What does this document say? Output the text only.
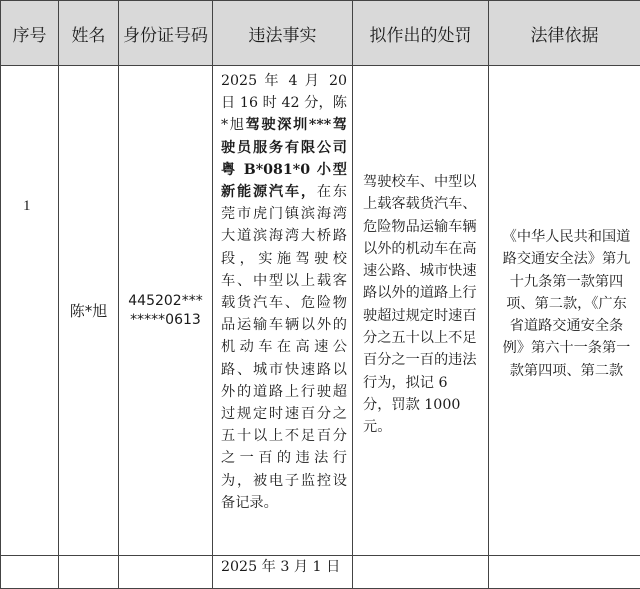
序号	姓名	身份证号码	违法事实	拟作出的处罚	法律依据
1	陈*旭	445202********0613	2025 年 4 月 20 日 16 时 42 分，陈*旭驾驶深圳***驾驶员服务有限公司粤 B*081*0 小型新能源汽车，在东莞市虎门镇滨海湾大道滨海湾大桥路段，实施驾驶校车、中型以上载客载货汽车、危险物品运输车辆以外的机动车在高速公路、城市快速路以外的道路上行驶超过规定时速百分之五十以上不足百分之一百的违法行为，被电子监控设备记录。	驾驶校车、中型以上载客载货汽车、危险物品运输车辆以外的机动车在高速公路、城市快速路以外的道路上行驶超过规定时速百分之五十以上不足百分之一百的违法行为，拟记 6 分，罚款 1000 元。	《中华人民共和国道路交通安全法》第九十九条第一款第四项、第二款，《广东省道路交通安全条例》第六十一条第一款第四项、第二款
			2025 年 3 月 1 日		
